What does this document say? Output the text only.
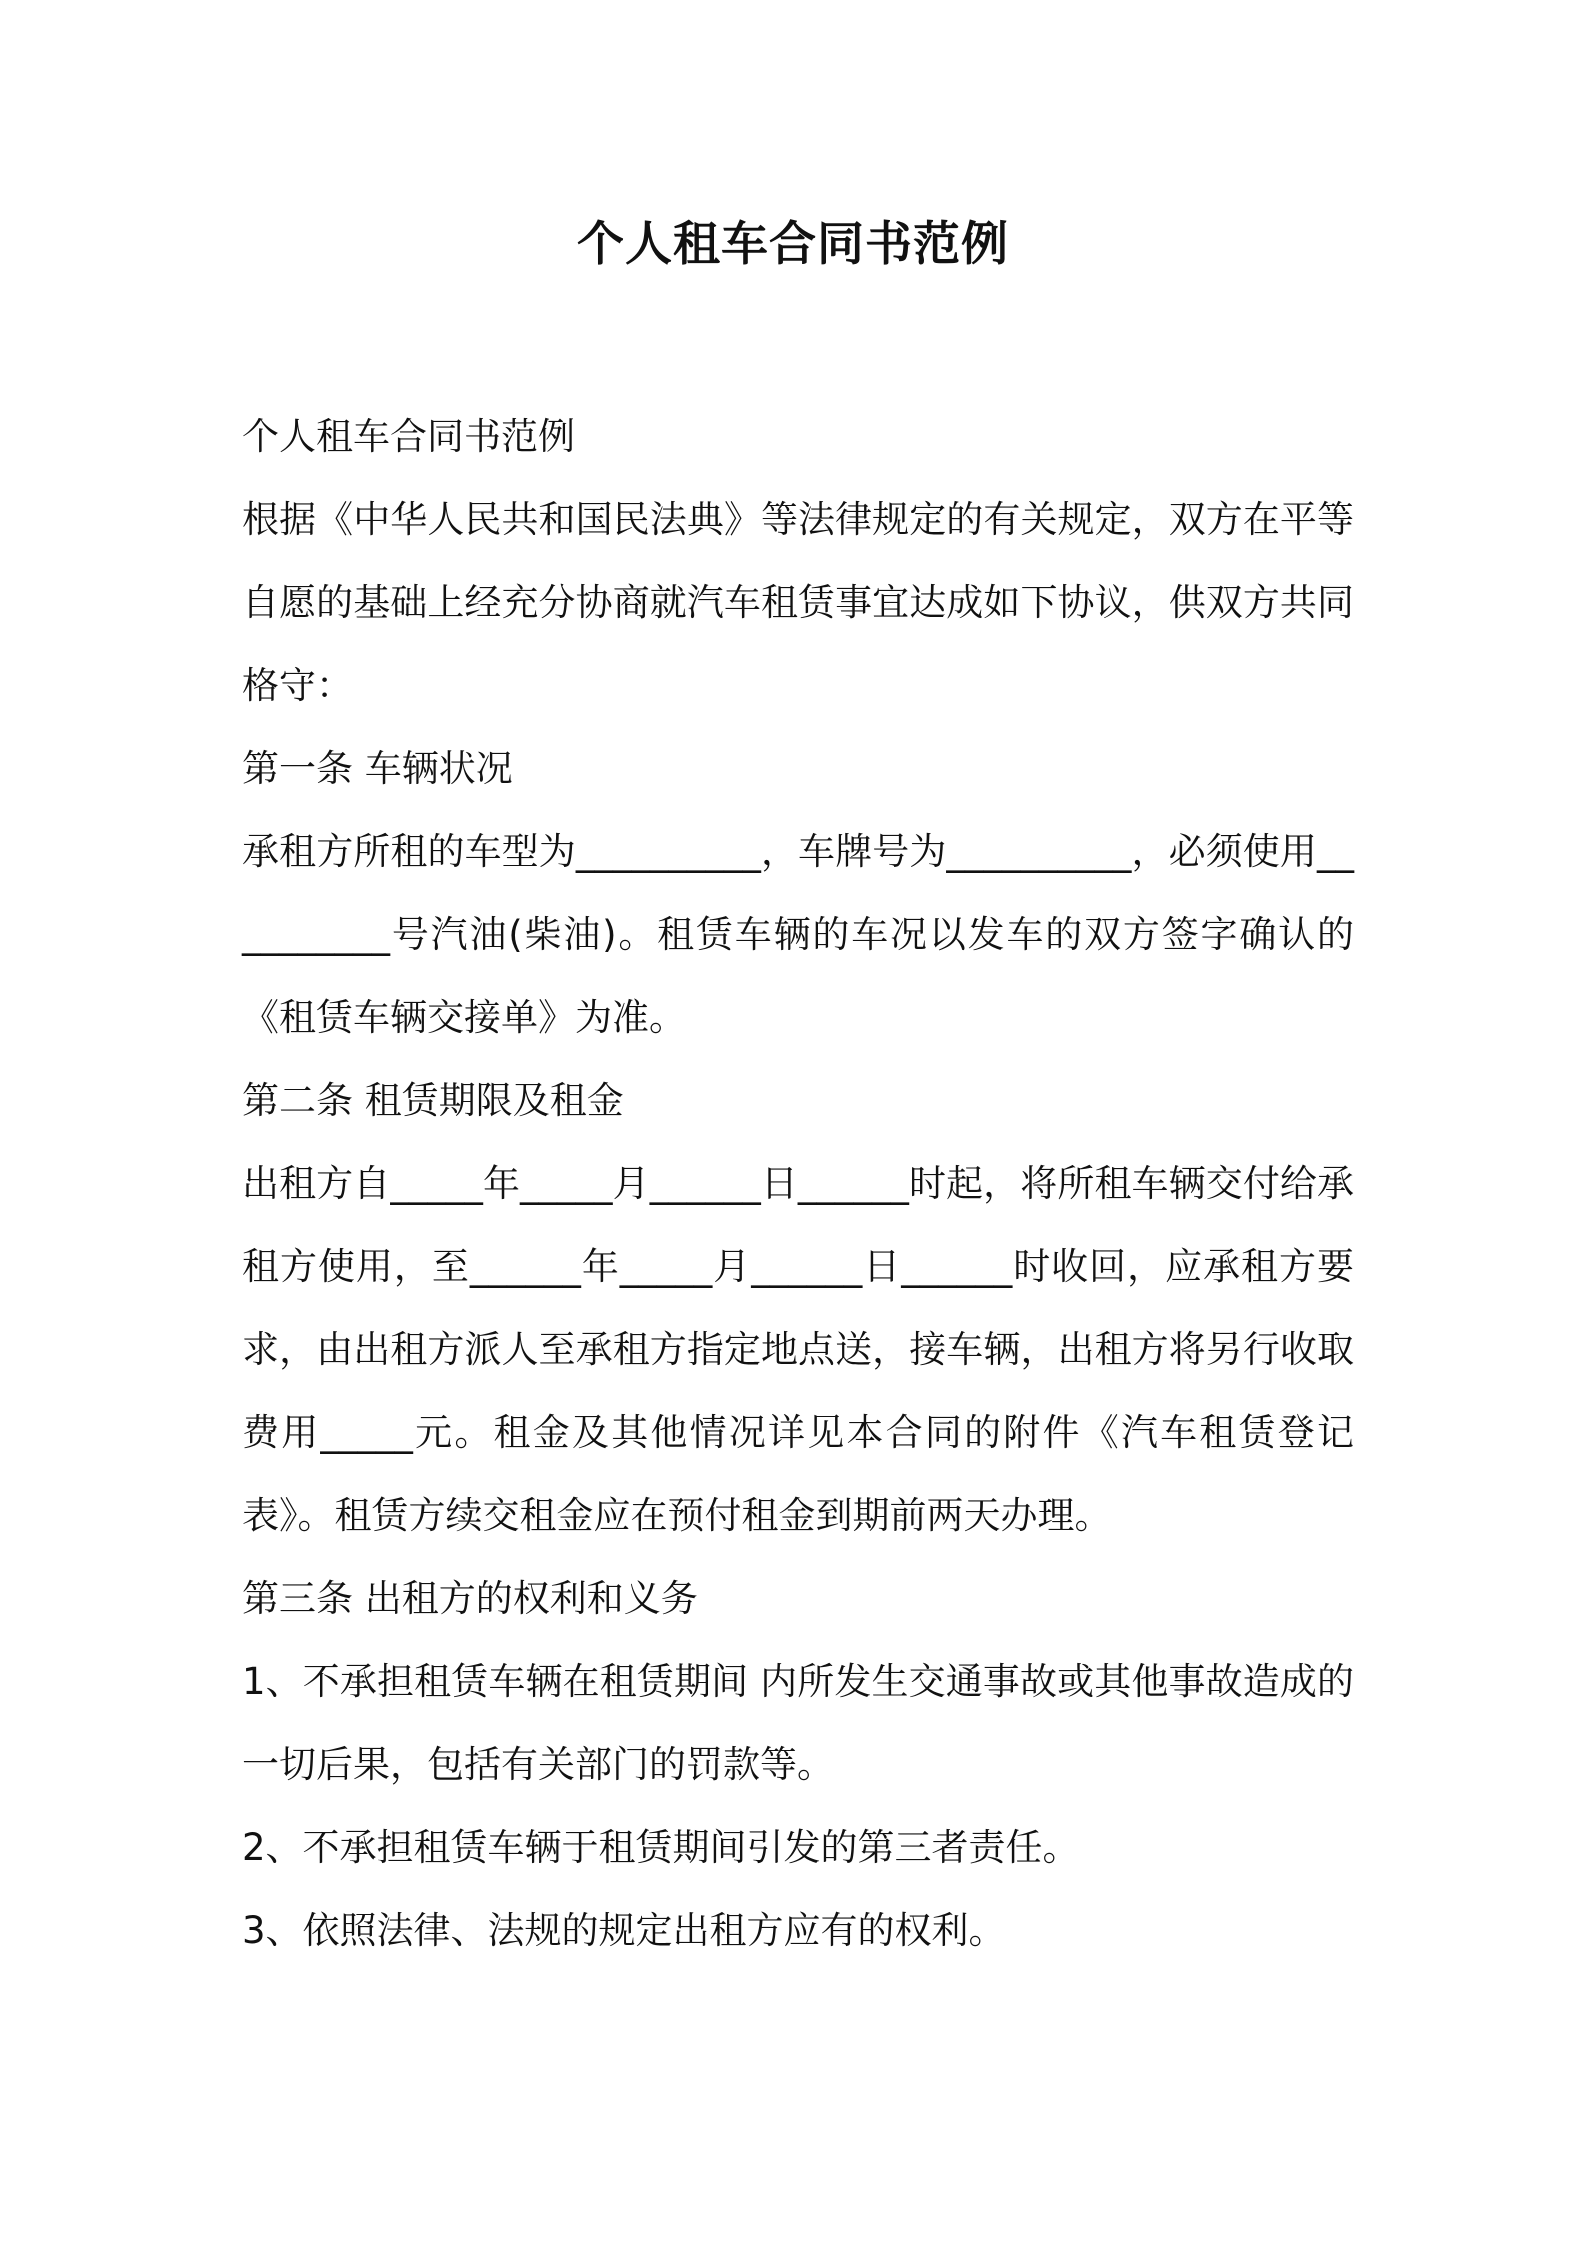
个人租车合同书范例

个人租车合同书范例

根据《中华人民共和国民法典》等法律规定的有关规定，双方在平等自愿的基础上经充分协商就汽车租赁事宜达成如下协议，供双方共同格守：

第一条 车辆状况

承租方所租的车型为__________，车牌号为__________，必须使用__________号汽油(柴油)。租赁车辆的车况以发车的双方签字确认的《租赁车辆交接单》为准。

第二条 租赁期限及租金

出租方自_____年_____月______日______时起，将所租车辆交付给承租方使用，至______年_____月______日______时收回，应承租方要求，由出租方派人至承租方指定地点送，接车辆，出租方将另行收取费用_____元。租金及其他情况详见本合同的附件《汽车租赁登记表》。租赁方续交租金应在预付租金到期前两天办理。

第三条 出租方的权利和义务

1、不承担租赁车辆在租赁期间 内所发生交通事故或其他事故造成的一切后果，包括有关部门的罚款等。

2、不承担租赁车辆于租赁期间引发的第三者责任。

3、依照法律、法规的规定出租方应有的权利。
